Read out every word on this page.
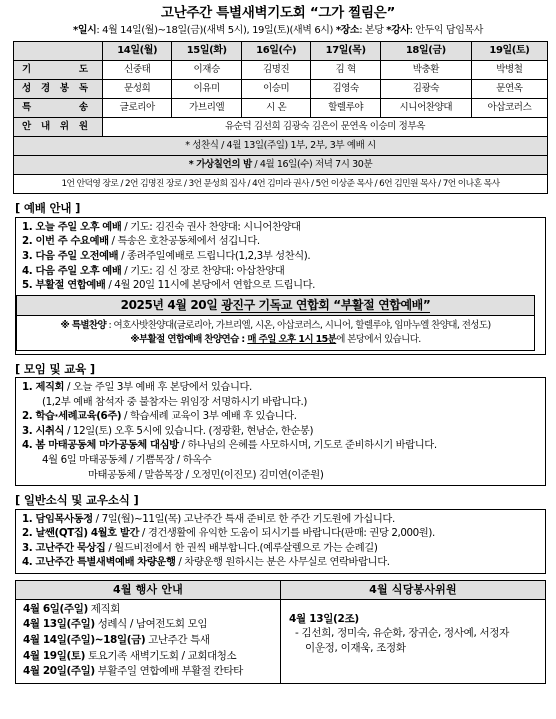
고난주간 특별새벽기도회 “그가 찔림은”
*일시: 4월 14일(월)~18일(금)(새벽 5시), 19일(토)(새벽 6시) *장소: 본당 *강사: 안두익 담임목사
	14일(월)	15일(화)	16일(수)	17일(목)	18일(금)	19일(토)
기 도	신중태	이재승	김명진	김 혁	박충환	박병철
성 경 봉 독	문성희	이유미	이승미	김영숙	김광숙	문연옥
특 송	글로리아	가브리엘	시 온	할렐루야	시니어찬양대	아삽코러스
안 내 위 원	유순덕 김선희 김광숙 김은이 문연옥 이승미 정부옥					
* 성찬식 / 4월 13일(주일) 1부, 2부, 3부 예배 시						
* 가상칠언의 밤 / 4월 16일(수) 저녁 7시 30분						
1언 안덕영 장로 / 2언 김명진 장로 / 3언 문성희 집사 / 4언 김미라 권사 / 5언 이상준 목사 / 6언 김민원 목사 / 7언 이나혼 목사						
[ 예배 안내 ]
1. 오늘 주일 오후 예배 / 기도: 김진숙 권사 찬양대: 시니어찬양대
2. 이번 주 수요예배 / 특송은 호찬공동체에서 섬깁니다.
3. 다음 주일 오전예배 / 종려주일예배로 드립니다(1,2,3부 성찬식).
4. 다음 주일 오후 예배 / 기도: 김 신 장로 찬양대: 아삽찬양대
5. 부활절 연합예배 / 4월 20일 11시에 본당에서 연합으로 드립니다.
2025년 4월 20일 광진구 기독교 연합회 “부활절 연합예배”
※ 특별찬양 : 여호사밧찬양대(글로리아, 가브리엘, 시온, 아삽코러스, 시니어, 할렐루야, 임마누엘 찬양대, 전성도)
※부활절 연합예배 찬양연습 : 매 주일 오후 1시 15분에 본당에서 있습니다.
[ 모임 및 교육 ]
1. 제직회 / 오늘 주일 3부 예배 후 본당에서 있습니다.
(1,2부 예배 참석자 중 불참자는 위임장 서명하시기 바랍니다.)
2. 학습·세례교육(6주) / 학습세례 교육이 3부 예배 후 있습니다.
3. 시취식 / 12일(토) 오후 5시에 있습니다. (정광환, 현남순, 한순봉)
4. 봄 마태공동체 마가공동체 대심방 / 하나님의 은혜를 사모하시며, 기도로 준비하시기 바랍니다.
4월 6일 마태공동체 / 기쁨목장 / 하옥수
마태공동체 / 말씀목장 / 오정민(이진모) 김미연(이준원)
[ 일반소식 및 교우소식 ]
1. 담임목사동정 / 7일(월)~11일(목) 고난주간 특새 준비로 한 주간 기도원에 가십니다.
2. 날쌘(QT집) 4월호 발간 / 경건생활에 유익한 도움이 되시기를 바랍니다(판매: 권당 2,000원).
3. 고난주간 묵상집 / 월드비전에서 한 권씩 배부합니다.(예루살렘으로 가는 순례길)
4. 고난주간 특별새벽예배 차량운행 / 차량운행 원하시는 분은 사무실로 연락바랍니다.
4월 행사 안내
4월 6일(주일) 제직회
4월 13일(주일) 성례식 / 남여전도회 모임
4월 14일(주일)~18일(금) 고난주간 특새
4월 19일(토) 토요기족 새벽기도회 / 교회대청소
4월 20일(주일) 부활주일 연합예배 부활절 칸타타
4월 식당봉사위원
4월 13일(2조)
- 김선희, 정미숙, 유순화, 장귀순, 정사예, 서정자
이운정, 이재욱, 조정화
